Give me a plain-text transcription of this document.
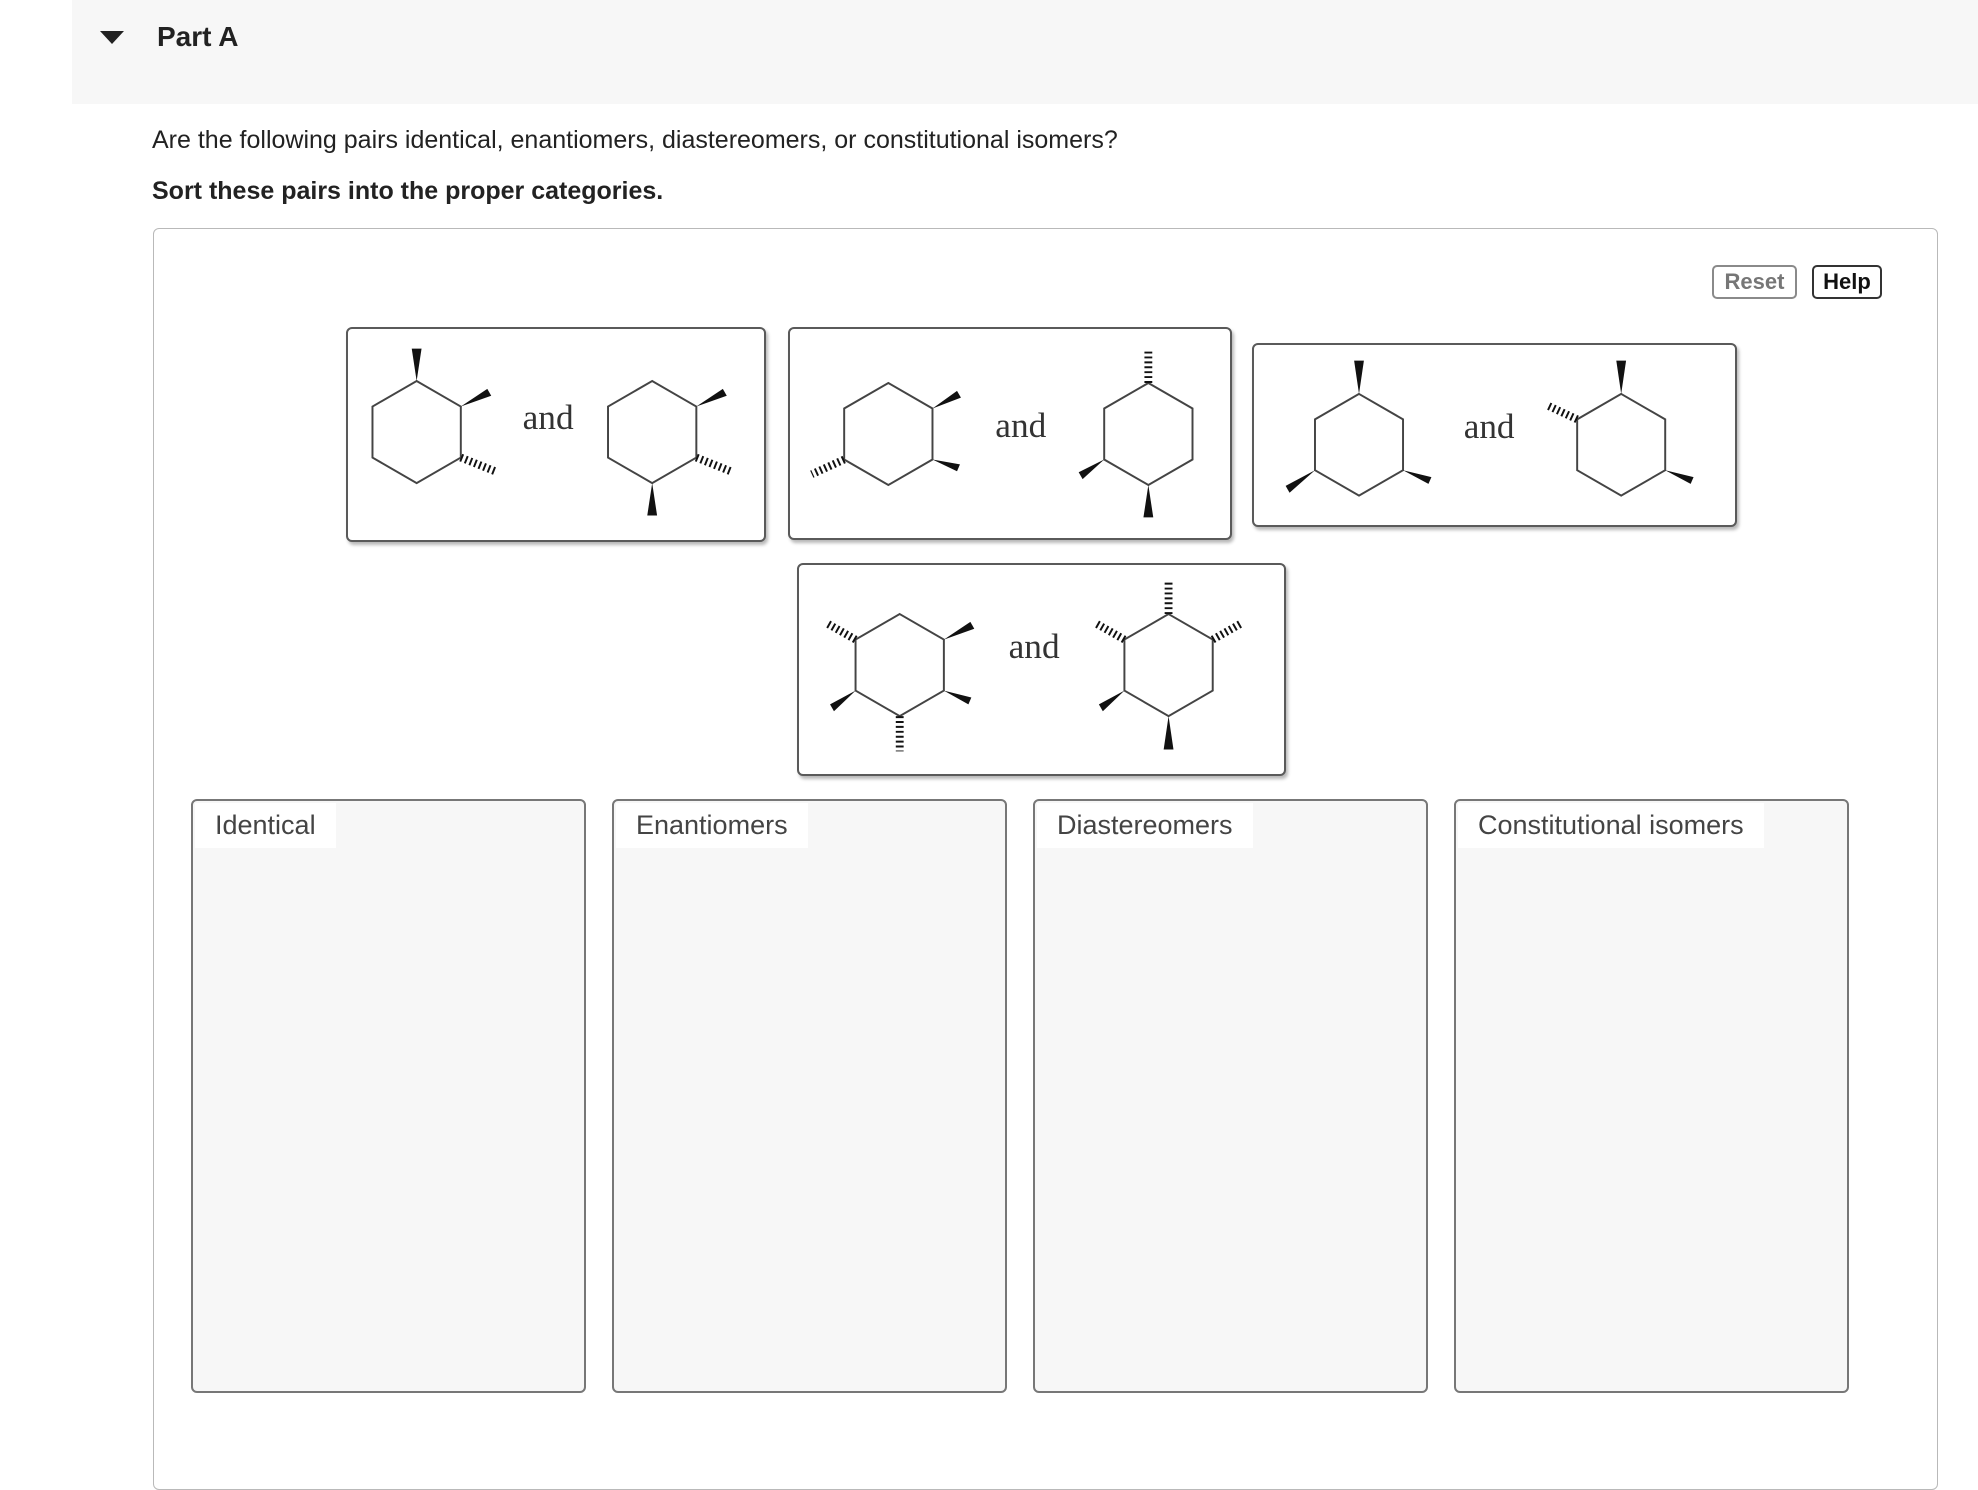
Part A
Are the following pairs identical, enantiomers, diastereomers, or constitutional isomers?
Sort these pairs into the proper categories.
Reset	Help
and	and	and
and
Identical	Enantiomers	Diastereomers	Constitutional isomers
